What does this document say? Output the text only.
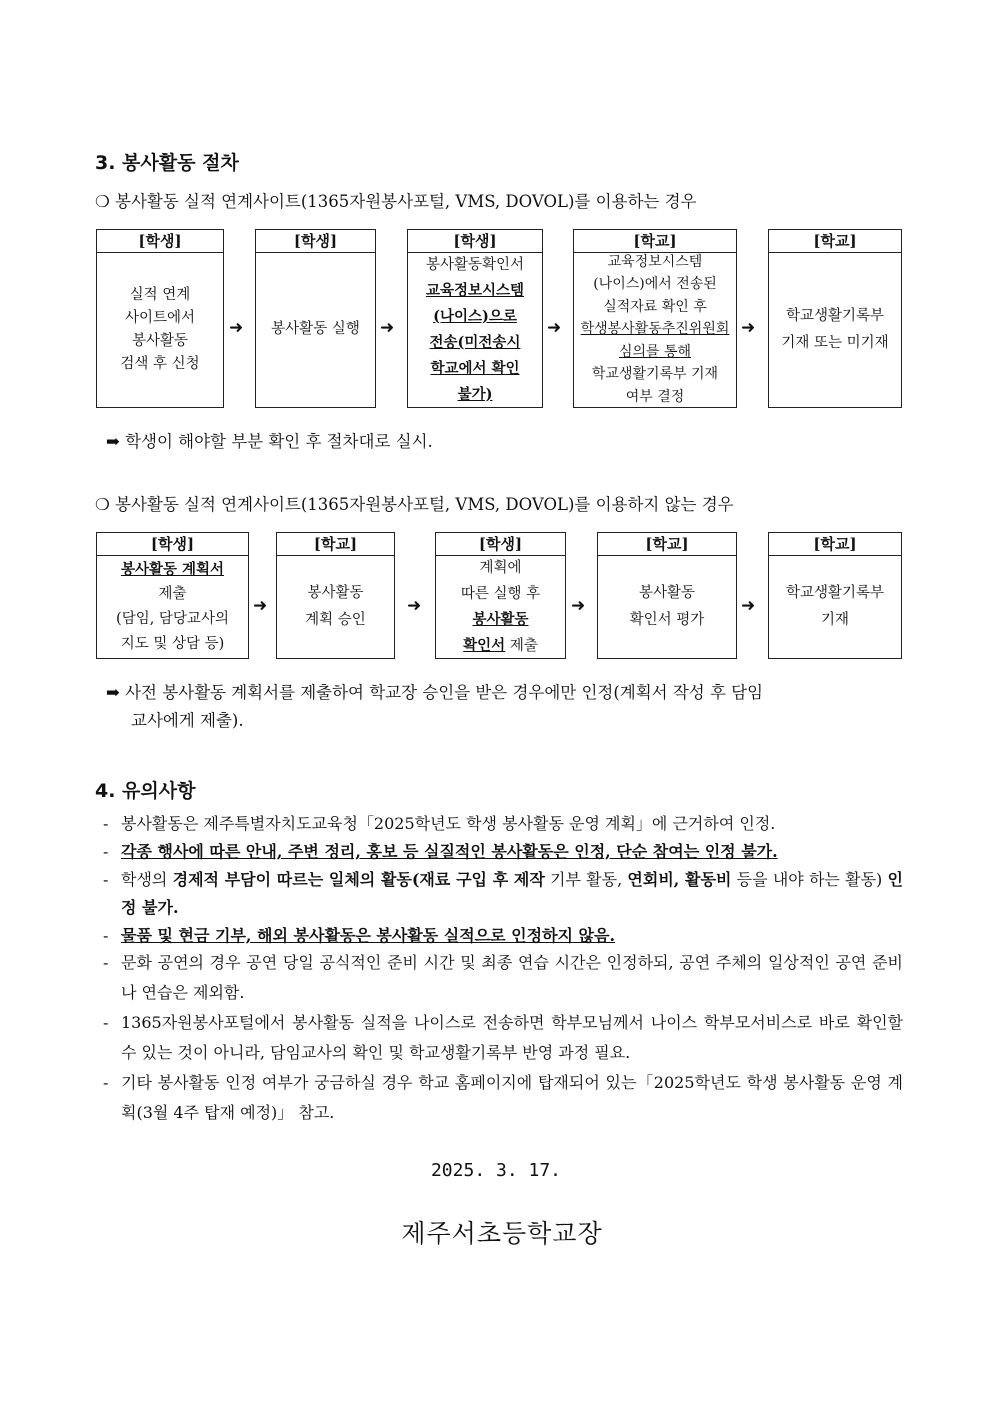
3. 봉사활동 절차
❍ 봉사활동 실적 연계사이트(1365자원봉사포털, VMS, DOVOL)를 이용하는 경우
[학생]
실적 연계
사이트에서
봉사활동
검색 후 신청
➜
[학생]
봉사활동 실행 ➜
[학생]
봉사활동확인서
교육정보시스템
(나이스)으로
전송(미전송시
학교에서 확인
불가)
➜
[학교]
교육정보시스템
(나이스)에서 전송된
실적자료 확인 후
학생봉사활동추진위원회
심의를 통해
학교생활기록부 기재
여부 결정
➜
[학교]
학교생활기록부
기재 또는 미기재
➡ 학생이 해야할 부분 확인 후 절차대로 실시.
❍ 봉사활동 실적 연계사이트(1365자원봉사포털, VMS, DOVOL)를 이용하지 않는 경우
[학생]
봉사활동 계획서
제출
(담임, 담당교사의
지도 및 상담 등)
➜
[학교]
봉사활동
계획 승인
➜
[학생]
계획에
따른 실행 후
봉사활동
확인서 제출
➜
[학교]
봉사활동
확인서 평가
➜
[학교]
학교생활기록부
기재
➡ 사전 봉사활동 계획서를 제출하여 학교장 승인을 받은 경우에만 인정(계획서 작성 후 담임
교사에게 제출).
4. 유의사항
- 봉사활동은 제주특별자치도교육청「2025학년도 학생 봉사활동 운영 계획」에 근거하여 인정.
- 각종 행사에 따른 안내, 주변 정리, 홍보 등 실질적인 봉사활동은 인정, 단순 참여는 인정 불가.
- 학생의 경제적 부담이 따르는 일체의 활동(재료 구입 후 제작 기부 활동, 연회비, 활동비 등을 내야 하는 활동) 인정 불가.
- 물품 및 현금 기부, 해외 봉사활동은 봉사활동 실적으로 인정하지 않음.
- 문화 공연의 경우 공연 당일 공식적인 준비 시간 및 최종 연습 시간은 인정하되, 공연 주체의 일상적인 공연 준비나 연습은 제외함.
- 1365자원봉사포털에서 봉사활동 실적을 나이스로 전송하면 학부모님께서 나이스 학부모서비스로 바로 확인할 수 있는 것이 아니라, 담임교사의 확인 및 학교생활기록부 반영 과정 필요.
- 기타 봉사활동 인정 여부가 궁금하실 경우 학교 홈페이지에 탑재되어 있는「2025학년도 학생 봉사활동 운영 계획(3월 4주 탑재 예정)」 참고.
2025. 3. 17.
제주서초등학교장
